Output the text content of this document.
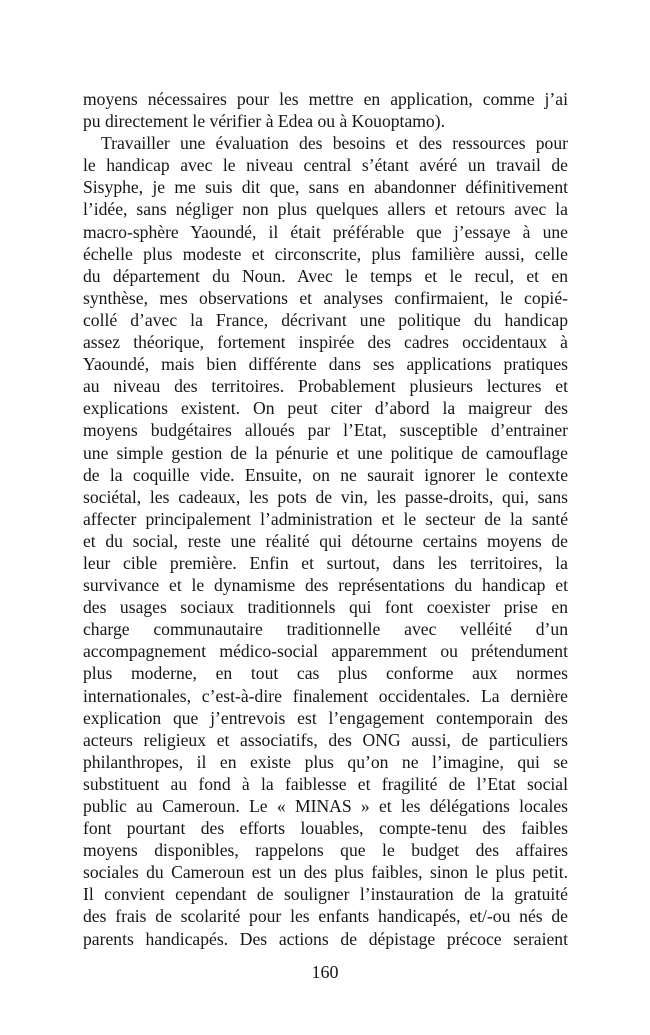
moyens nécessaires pour les mettre en application, comme j’ai
pu directement le vérifier à Edea ou à Kouoptamo).
Travailler une évaluation des besoins et des ressources pour
le handicap avec le niveau central s’étant avéré un travail de
Sisyphe, je me suis dit que, sans en abandonner définitivement
l’idée, sans négliger non plus quelques allers et retours avec la
macro-sphère Yaoundé, il était préférable que j’essaye à une
échelle plus modeste et circonscrite, plus familière aussi, celle
du département du Noun. Avec le temps et le recul, et en
synthèse, mes observations et analyses confirmaient, le copié-
collé d’avec la France, décrivant une politique du handicap
assez théorique, fortement inspirée des cadres occidentaux à
Yaoundé, mais bien différente dans ses applications pratiques
au niveau des territoires. Probablement plusieurs lectures et
explications existent. On peut citer d’abord la maigreur des
moyens budgétaires alloués par l’Etat, susceptible d’entrainer
une simple gestion de la pénurie et une politique de camouflage
de la coquille vide. Ensuite, on ne saurait ignorer le contexte
sociétal, les cadeaux, les pots de vin, les passe-droits, qui, sans
affecter principalement l’administration et le secteur de la santé
et du social, reste une réalité qui détourne certains moyens de
leur cible première. Enfin et surtout, dans les territoires, la
survivance et le dynamisme des représentations du handicap et
des usages sociaux traditionnels qui font coexister prise en
charge communautaire traditionnelle avec velléité d’un
accompagnement médico-social apparemment ou prétendument
plus moderne, en tout cas plus conforme aux normes
internationales, c’est-à-dire finalement occidentales. La dernière
explication que j’entrevois est l’engagement contemporain des
acteurs religieux et associatifs, des ONG aussi, de particuliers
philanthropes, il en existe plus qu’on ne l’imagine, qui se
substituent au fond à la faiblesse et fragilité de l’Etat social
public au Cameroun. Le « MINAS » et les délégations locales
font pourtant des efforts louables, compte-tenu des faibles
moyens disponibles, rappelons que le budget des affaires
sociales du Cameroun est un des plus faibles, sinon le plus petit.
Il convient cependant de souligner l’instauration de la gratuité
des frais de scolarité pour les enfants handicapés, et/-ou nés de
parents handicapés. Des actions de dépistage précoce seraient
160
